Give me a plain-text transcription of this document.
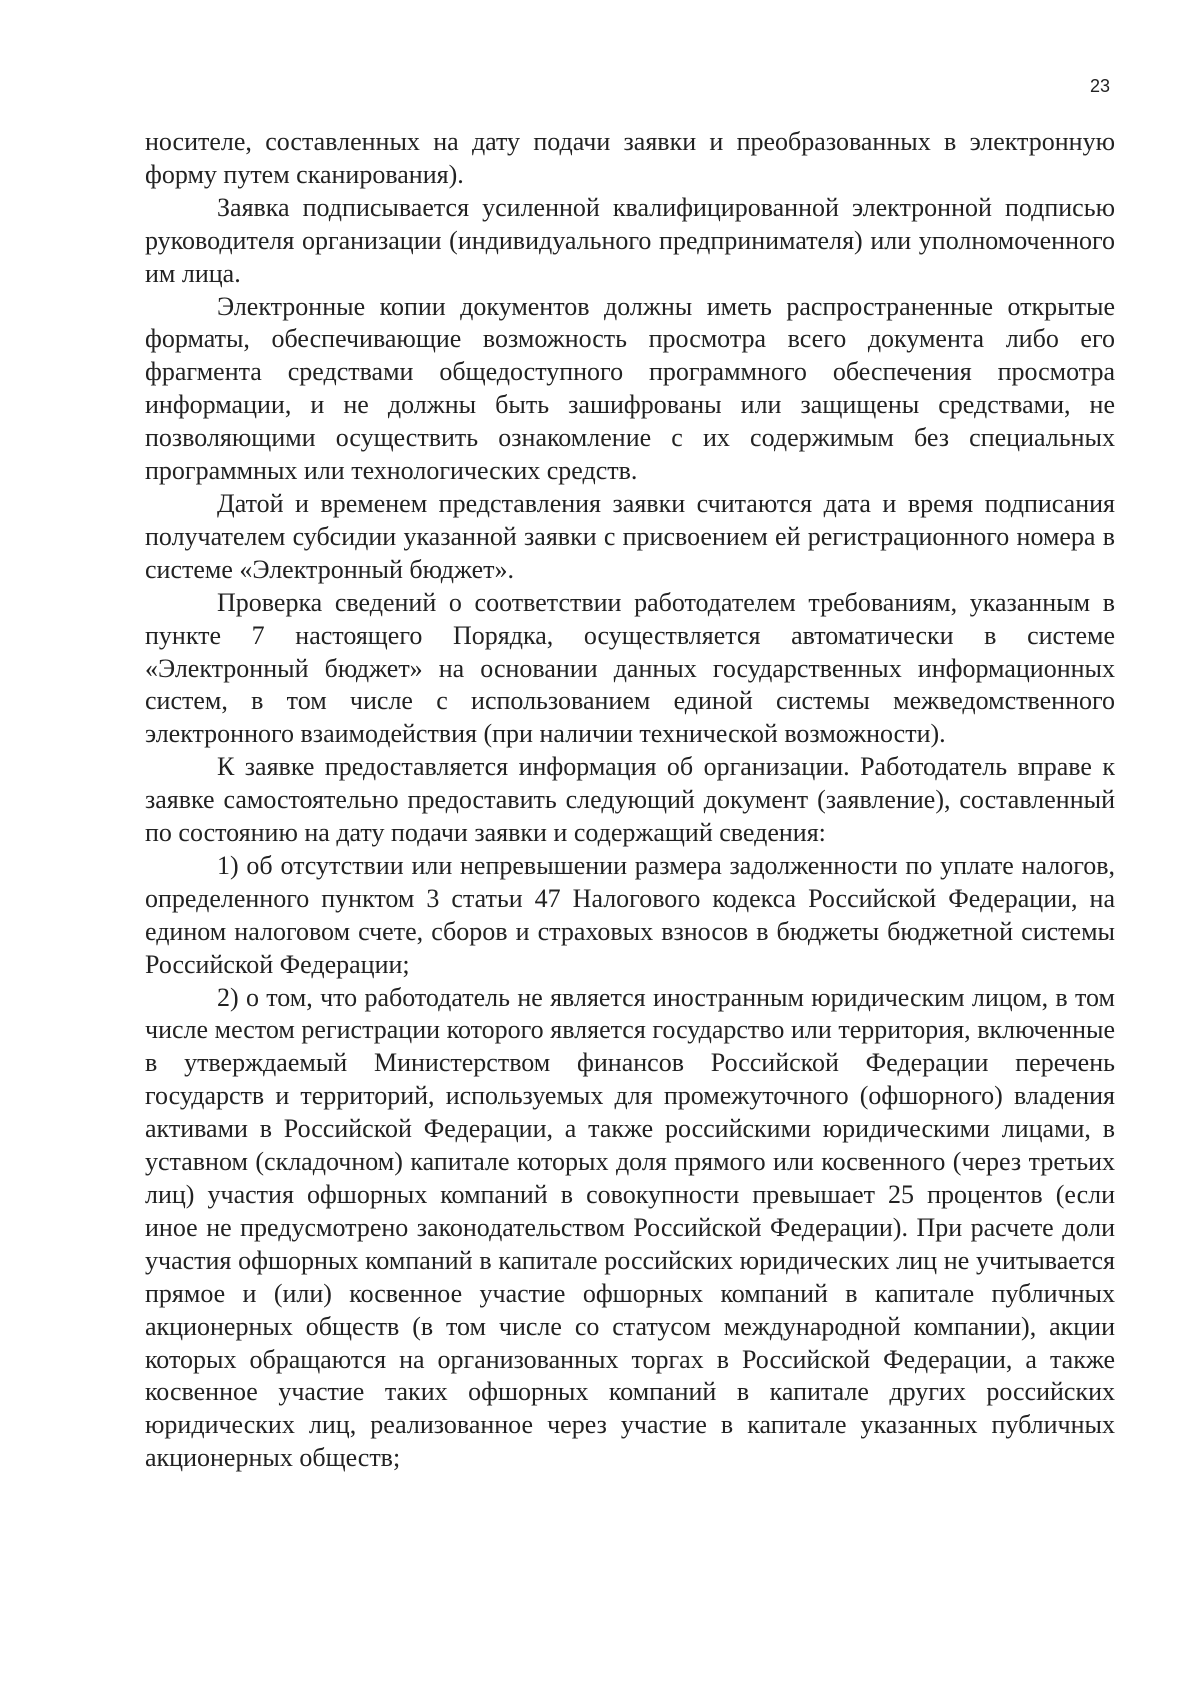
23

носителе, составленных на дату подачи заявки и преобразованных в электронную форму путем сканирования).

Заявка подписывается усиленной квалифицированной электронной подписью руководителя организации (индивидуального предпринимателя) или уполномоченного им лица.

Электронные копии документов должны иметь распространенные открытые форматы, обеспечивающие возможность просмотра всего документа либо его фрагмента средствами общедоступного программного обеспечения просмотра информации, и не должны быть зашифрованы или защищены средствами, не позволяющими осуществить ознакомление с их содержимым без специальных программных или технологических средств.

Датой и временем представления заявки считаются дата и время подписания получателем субсидии указанной заявки с присвоением ей регистрационного номера в системе «Электронный бюджет».

Проверка сведений о соответствии работодателем требованиям, указанным в пункте 7 настоящего Порядка, осуществляется автоматически в системе «Электронный бюджет» на основании данных государственных информационных систем, в том числе с использованием единой системы межведомственного электронного взаимодействия (при наличии технической возможности).

К заявке предоставляется информация об организации. Работодатель вправе к заявке самостоятельно предоставить следующий документ (заявление), составленный по состоянию на дату подачи заявки и содержащий сведения:

1) об отсутствии или непревышении размера задолженности по уплате налогов, определенного пунктом 3 статьи 47 Налогового кодекса Российской Федерации, на едином налоговом счете, сборов и страховых взносов в бюджеты бюджетной системы Российской Федерации;

2) о том, что работодатель не является иностранным юридическим лицом, в том числе местом регистрации которого является государство или территория, включенные в утверждаемый Министерством финансов Российской Федерации перечень государств и территорий, используемых для промежуточного (офшорного) владения активами в Российской Федерации, а также российскими юридическими лицами, в уставном (складочном) капитале которых доля прямого или косвенного (через третьих лиц) участия офшорных компаний в совокупности превышает 25 процентов (если иное не предусмотрено законодательством Российской Федерации). При расчете доли участия офшорных компаний в капитале российских юридических лиц не учитывается прямое и (или) косвенное участие офшорных компаний в капитале публичных акционерных обществ (в том числе со статусом международной компании), акции которых обращаются на организованных торгах в Российской Федерации, а также косвенное участие таких офшорных компаний в капитале других российских юридических лиц, реализованное через участие в капитале указанных публичных акционерных обществ;
